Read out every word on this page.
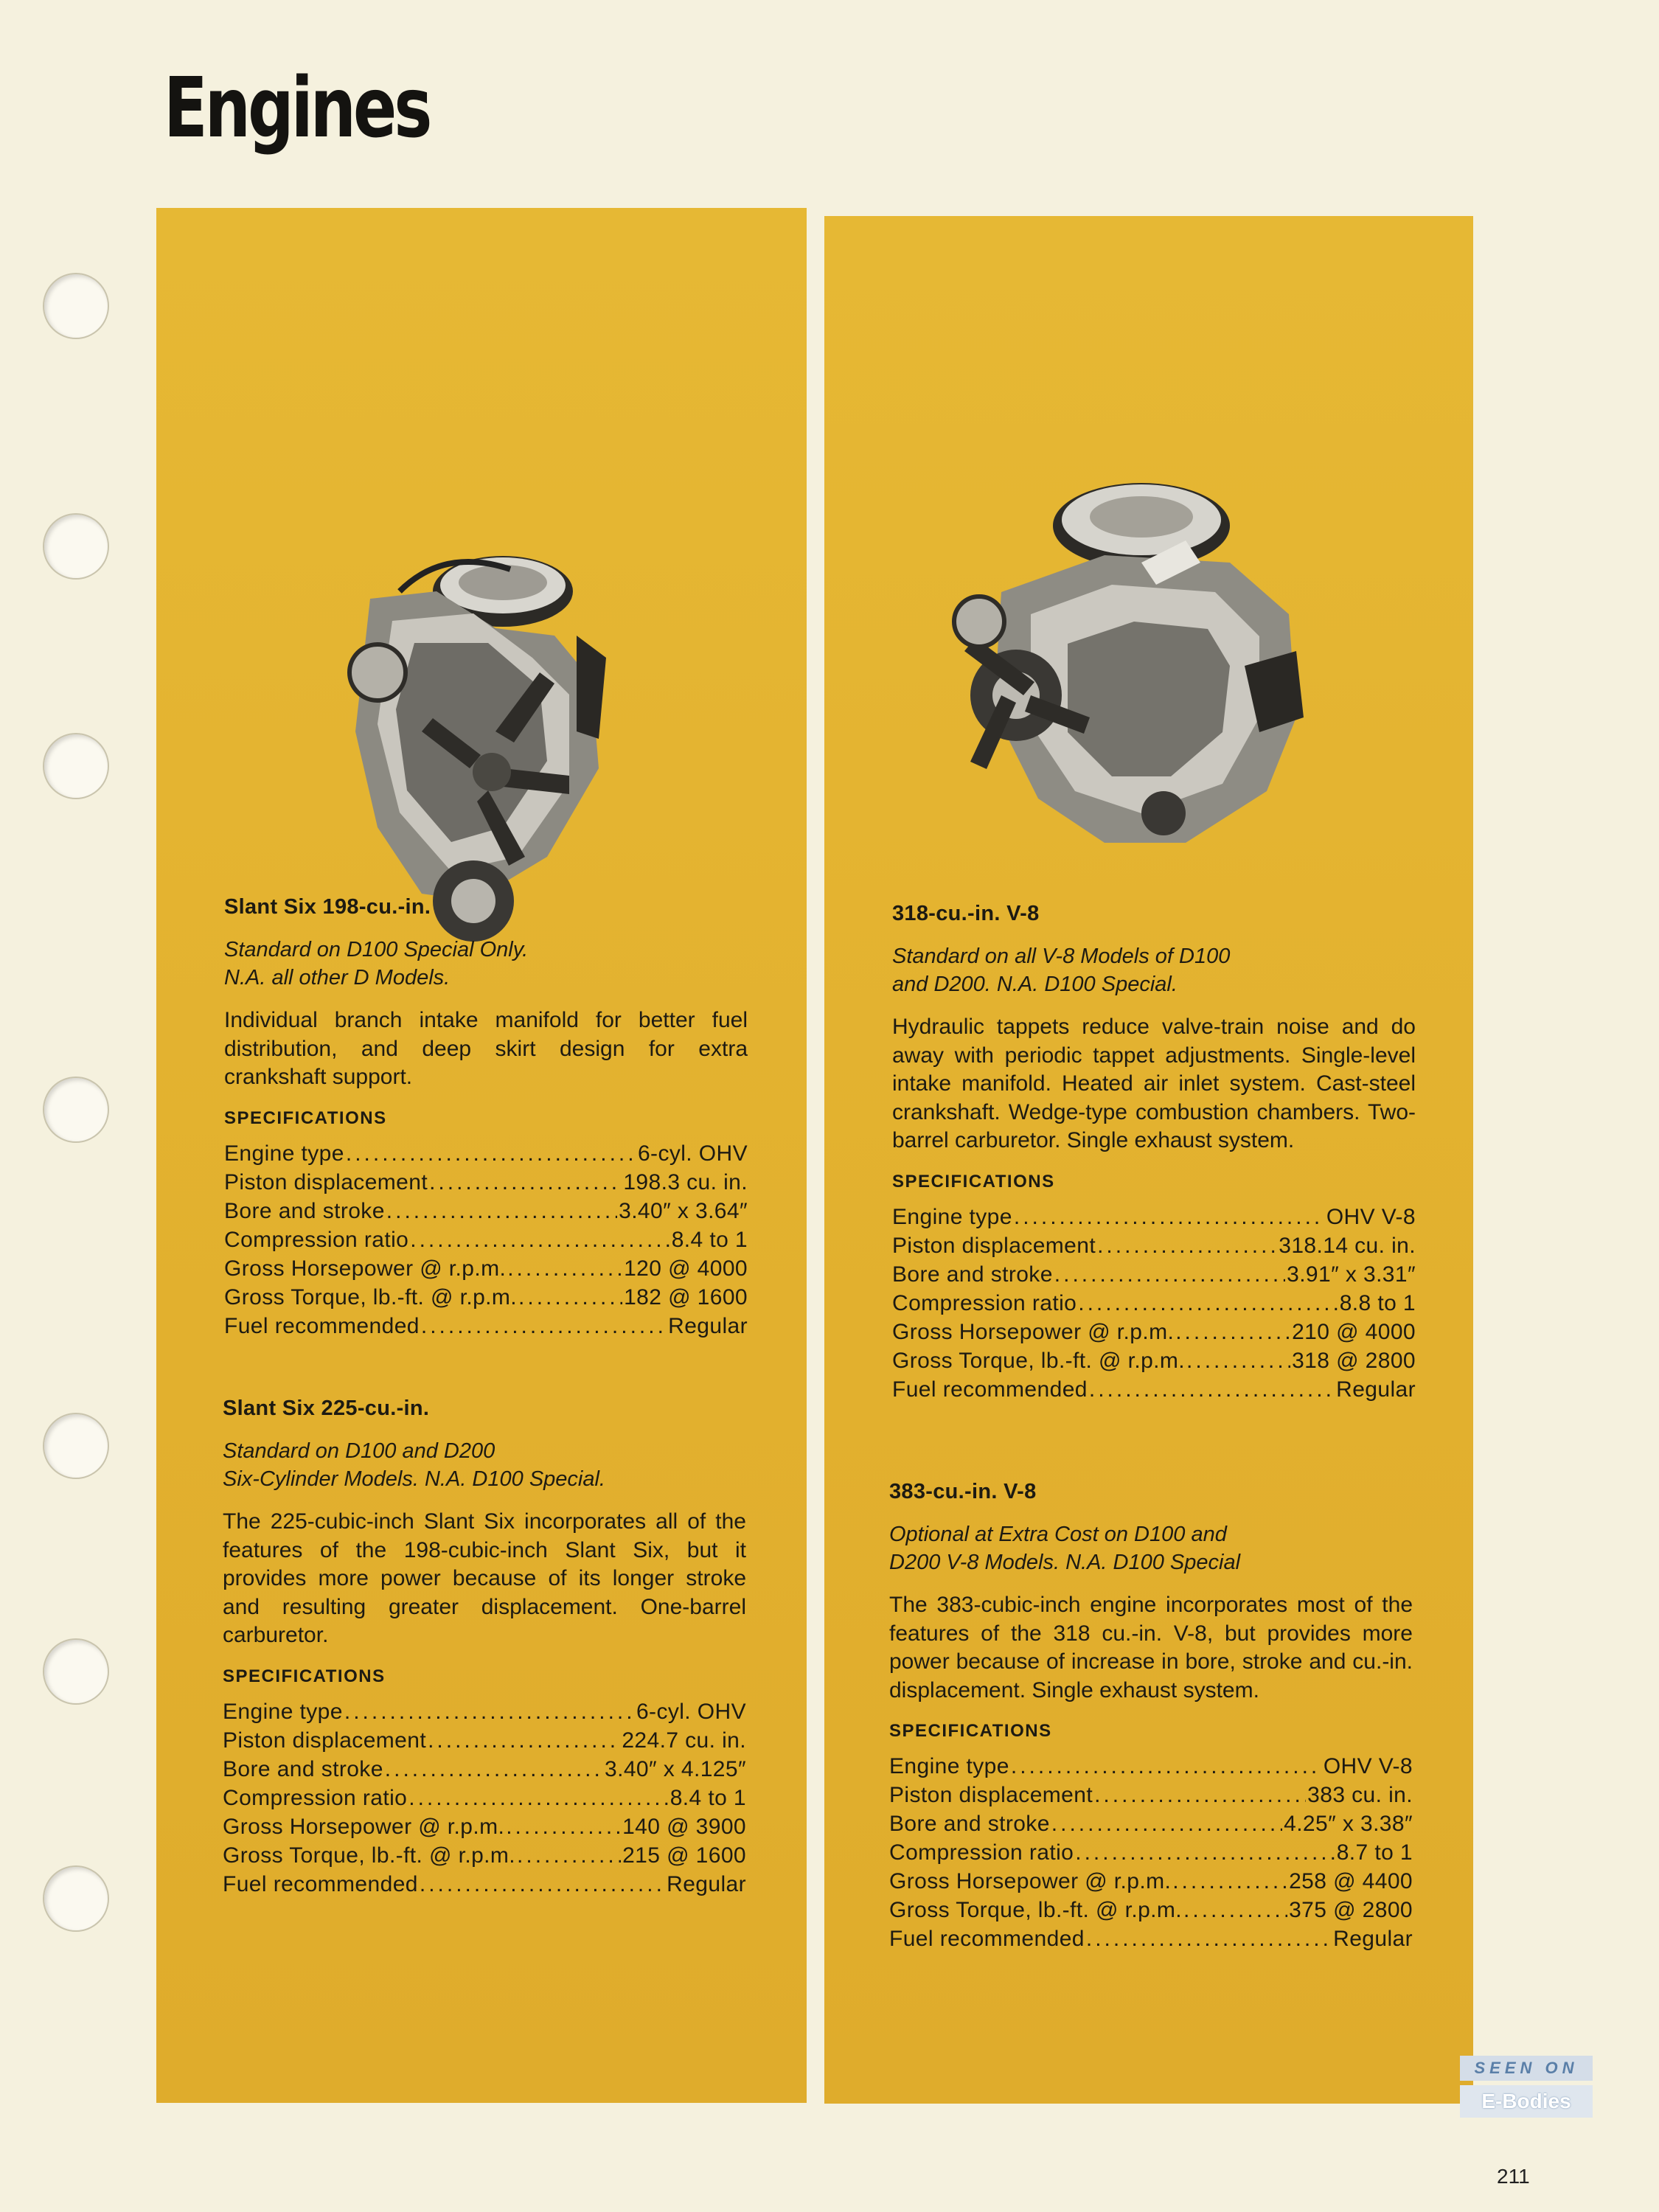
Engines
Slant Six 198-cu.-in.
Standard on D100 Special Only.
N.A. all other D Models.
Individual branch intake manifold for better fuel distribution, and deep skirt design for extra crankshaft support.
SPECIFICATIONS
Engine type .....	6-cyl. OHV
Piston displacement .....	198.3 cu. in.
Bore and stroke .....	3.40″ x 3.64″
Compression ratio .....	8.4 to 1
Gross Horsepower @ r.p.m. .....	120 @ 4000
Gross Torque, lb.-ft. @ r.p.m. .....	182 @ 1600
Fuel recommended .....	Regular
Slant Six 225-cu.-in.
Standard on D100 and D200
Six-Cylinder Models. N.A. D100 Special.
The 225-cubic-inch Slant Six incorporates all of the features of the 198-cubic-inch Slant Six, but it provides more power because of its longer stroke and resulting greater displacement. One-barrel carburetor.
SPECIFICATIONS
Engine type .....	6-cyl. OHV
Piston displacement .....	224.7 cu. in.
Bore and stroke .....	3.40″ x 4.125″
Compression ratio .....	8.4 to 1
Gross Horsepower @ r.p.m. .....	140 @ 3900
Gross Torque, lb.-ft. @ r.p.m. .....	215 @ 1600
Fuel recommended .....	Regular
318-cu.-in. V-8
Standard on all V-8 Models of D100
and D200. N.A. D100 Special.
Hydraulic tappets reduce valve-train noise and do away with periodic tappet adjustments. Single-level intake manifold. Heated air inlet system. Cast-steel crankshaft. Wedge-type combustion chambers. Two-barrel carburetor. Single exhaust system.
SPECIFICATIONS
Engine type .....	OHV V-8
Piston displacement .....	318.14 cu. in.
Bore and stroke .....	3.91″ x 3.31″
Compression ratio .....	8.8 to 1
Gross Horsepower @ r.p.m. .....	210 @ 4000
Gross Torque, lb.-ft. @ r.p.m. .....	318 @ 2800
Fuel recommended .....	Regular
383-cu.-in. V-8
Optional at Extra Cost on D100 and
D200 V-8 Models. N.A. D100 Special
The 383-cubic-inch engine incorporates most of the features of the 318 cu.-in. V-8, but provides more power because of increase in bore, stroke and cu.-in. displacement. Single exhaust system.
SPECIFICATIONS
Engine type .....	OHV V-8
Piston displacement .....	383 cu. in.
Bore and stroke .....	4.25″ x 3.38″
Compression ratio .....	8.7 to 1
Gross Horsepower @ r.p.m. .....	258 @ 4400
Gross Torque, lb.-ft. @ r.p.m. .....	375 @ 2800
Fuel recommended .....	Regular
SEEN ON
E-Bodies
211
